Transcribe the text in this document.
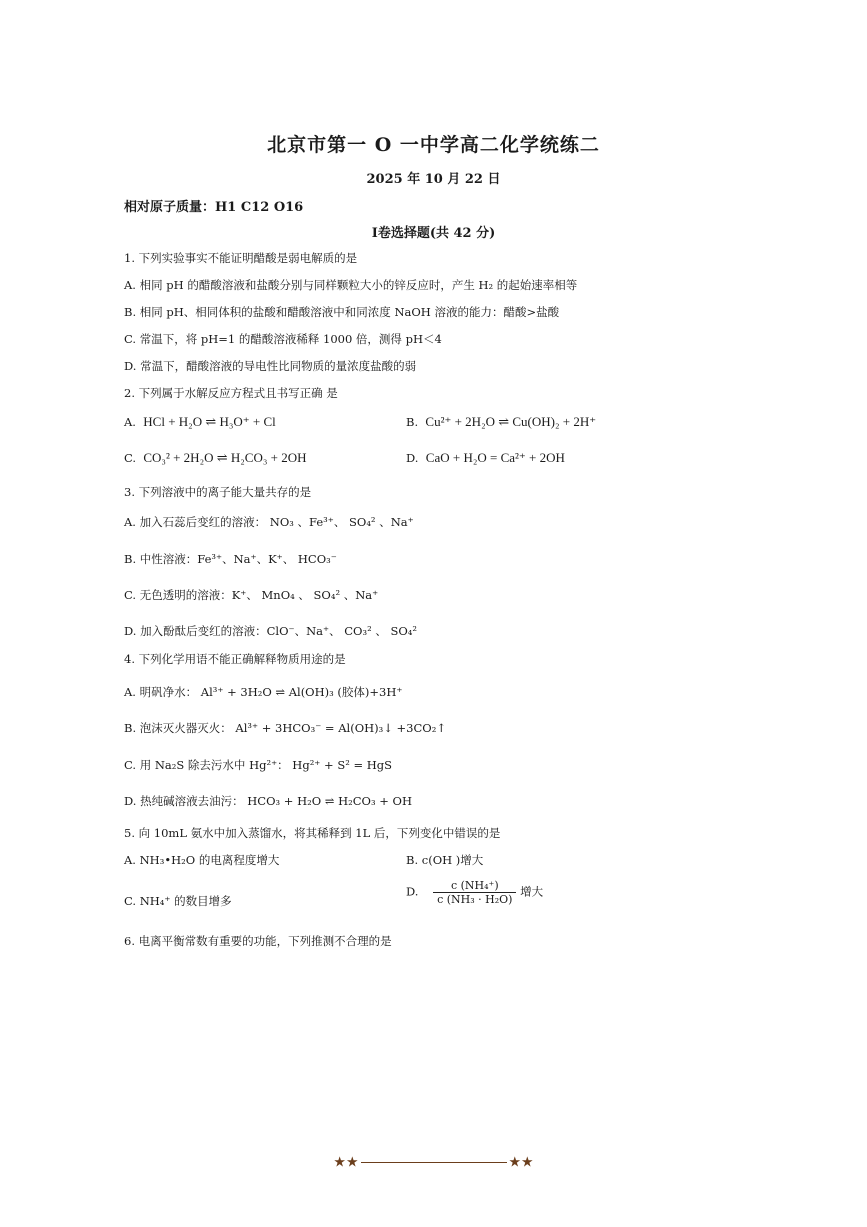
北京市第一 O 一中学高二化学统练二
2025 年 10 月 22 日
相对原子质量：H1 C12 O16
Ⅰ卷选择题(共 42 分)
1. 下列实验事实不能证明醋酸是弱电解质的是
A. 相同 pH 的醋酸溶液和盐酸分别与同样颗粒大小的锌反应时，产生 H₂ 的起始速率相等
B. 相同 pH、相同体积的盐酸和醋酸溶液中和同浓度 NaOH 溶液的能力：醋酸>盐酸
C. 常温下，将 pH=1 的醋酸溶液稀释 1000 倍，测得 pH＜4
D. 常温下，醋酸溶液的导电性比同物质的量浓度盐酸的弱
2. 下列属于水解反应方程式且书写正确 是
A. HCl + H₂O ⇌ H₃O⁺ + Cl	B. Cu²⁺ + 2H₂O ⇌ Cu(OH)₂ + 2H⁺
C. CO₃² + 2H₂O ⇌ H₂CO₃ + 2OH	D. CaO + H₂O = Ca²⁺ + 2OH
3. 下列溶液中的离子能大量共存的是
A. 加入石蕊后变红的溶液： NO₃ 、Fe³⁺、 SO₄² 、Na⁺
B. 中性溶液：Fe³⁺、Na⁺、K⁺、 HCO₃⁻
C. 无色透明的溶液：K⁺、 MnO₄ 、 SO₄² 、Na⁺
D. 加入酚酞后变红的溶液：ClO⁻、Na⁺、 CO₃² 、 SO₄²
4. 下列化学用语不能正确解释物质用途的是
A. 明矾净水： Al³⁺ + 3H₂O ⇌ Al(OH)₃ (胶体)+3H⁺
B. 泡沫灭火器灭火： Al³⁺ + 3HCO₃⁻ = Al(OH)₃↓ +3CO₂↑
C. 用 Na₂S 除去污水中 Hg²⁺： Hg²⁺ + S² = HgS
D. 热纯碱溶液去油污： HCO₃ + H₂O ⇌ H₂CO₃ + OH
5. 向 10mL 氨水中加入蒸馏水，将其稀释到 1L 后，下列变化中错误的是
A. NH₃•H₂O 的电离程度增大	B. c(OH )增大
C. NH₄⁺ 的数目增多
D. $\frac{\text{c (NH₄⁺)}}{\text{c (NH₃ · H₂O)}}$ 增大
6. 电离平衡常数有重要的功能，下列推测不合理的是
★★	★★
